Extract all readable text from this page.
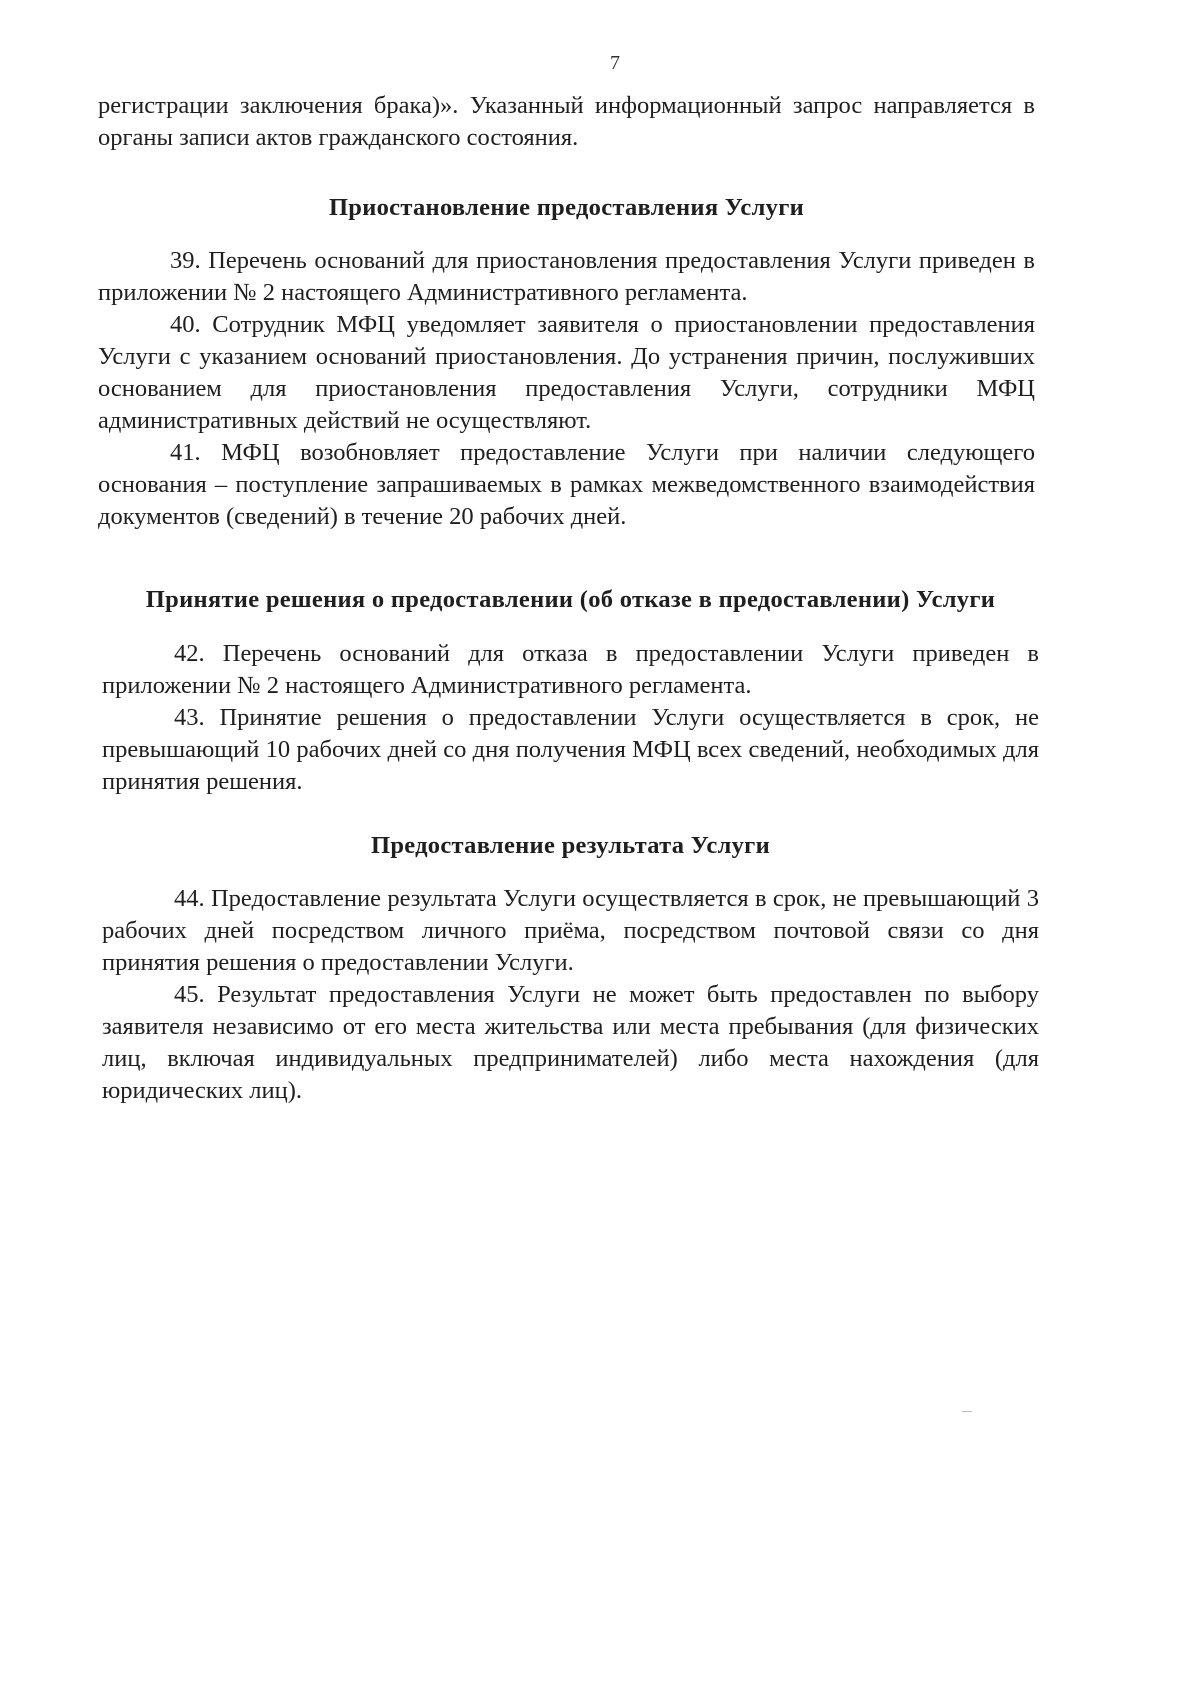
7

регистрации заключения брака)». Указанный информационный запрос направляется в органы записи актов гражданского состояния.

Приостановление предоставления Услуги

39. Перечень оснований для приостановления предоставления Услуги приведен в приложении № 2 настоящего Административного регламента.

40. Сотрудник МФЦ уведомляет заявителя о приостановлении предоставления Услуги с указанием оснований приостановления. До устранения причин, послуживших основанием для приостановления предоставления Услуги, сотрудники МФЦ административных действий не осуществляют.

41. МФЦ возобновляет предоставление Услуги при наличии следующего основания – поступление запрашиваемых в рамках межведомственного взаимодействия документов (сведений) в течение 20 рабочих дней.

Принятие решения о предоставлении (об отказе в предоставлении) Услуги

42. Перечень оснований для отказа в предоставлении Услуги приведен в приложении № 2 настоящего Административного регламента.

43. Принятие решения о предоставлении Услуги осуществляется в срок, не превышающий 10 рабочих дней со дня получения МФЦ всех сведений, необходимых для принятия решения.

Предоставление результата Услуги

44. Предоставление результата Услуги осуществляется в срок, не превышающий 3 рабочих дней посредством личного приёма, посредством почтовой связи со дня принятия решения о предоставлении Услуги.

45. Результат предоставления Услуги не может быть предоставлен по выбору заявителя независимо от его места жительства или места пребывания (для физических лиц, включая индивидуальных предпринимателей) либо места нахождения (для юридических лиц).
